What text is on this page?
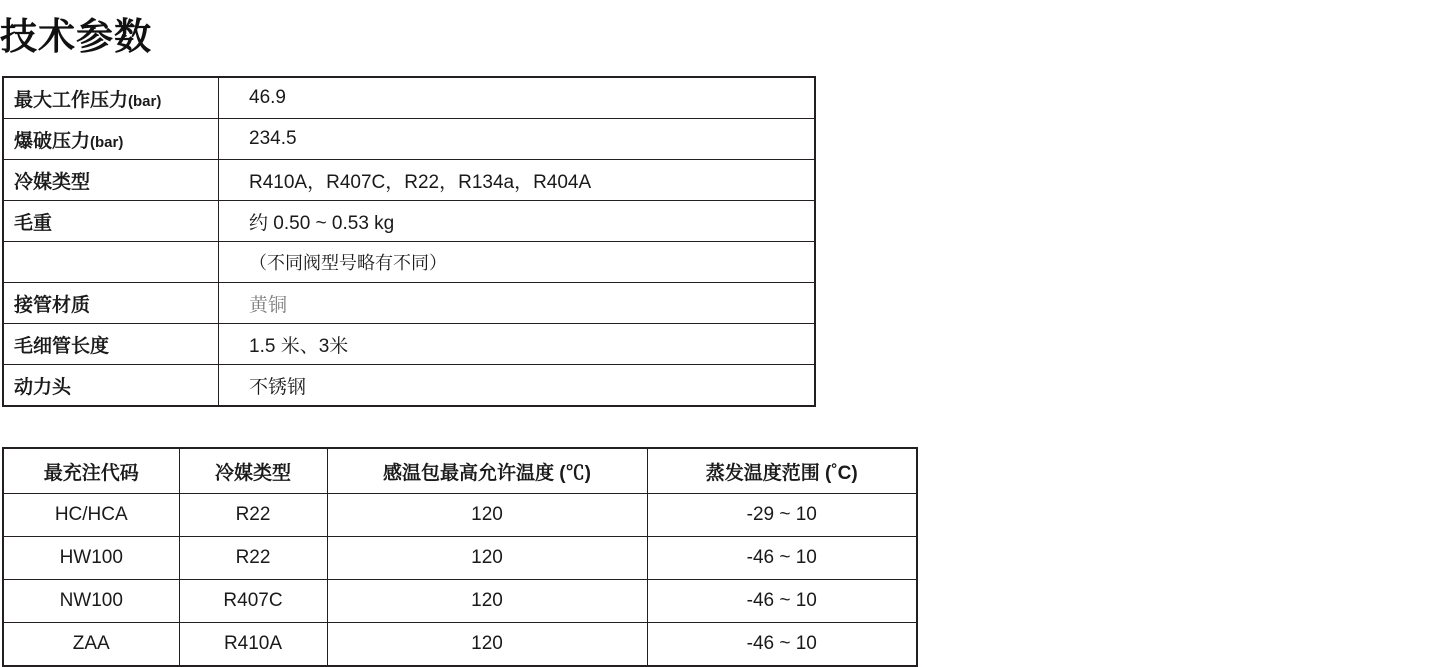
技术参数
最大工作压力(bar)	46.9
爆破压力(bar)	234.5
冷媒类型	R410A，R407C，R22，R134a，R404A
毛重	约 0.50 ~ 0.53 kg
	（不同阀型号略有不同）
接管材质	黄铜
毛细管长度	1.5 米、3米
动力头	不锈钢
最充注代码	冷媒类型	感温包最高允许温度 (℃)	蒸发温度范围 (˚C)
HC/HCA	R22	120	-29 ~ 10
HW100	R22	120	-46 ~ 10
NW100	R407C	120	-46 ~ 10
ZAA	R410A	120	-46 ~ 10
